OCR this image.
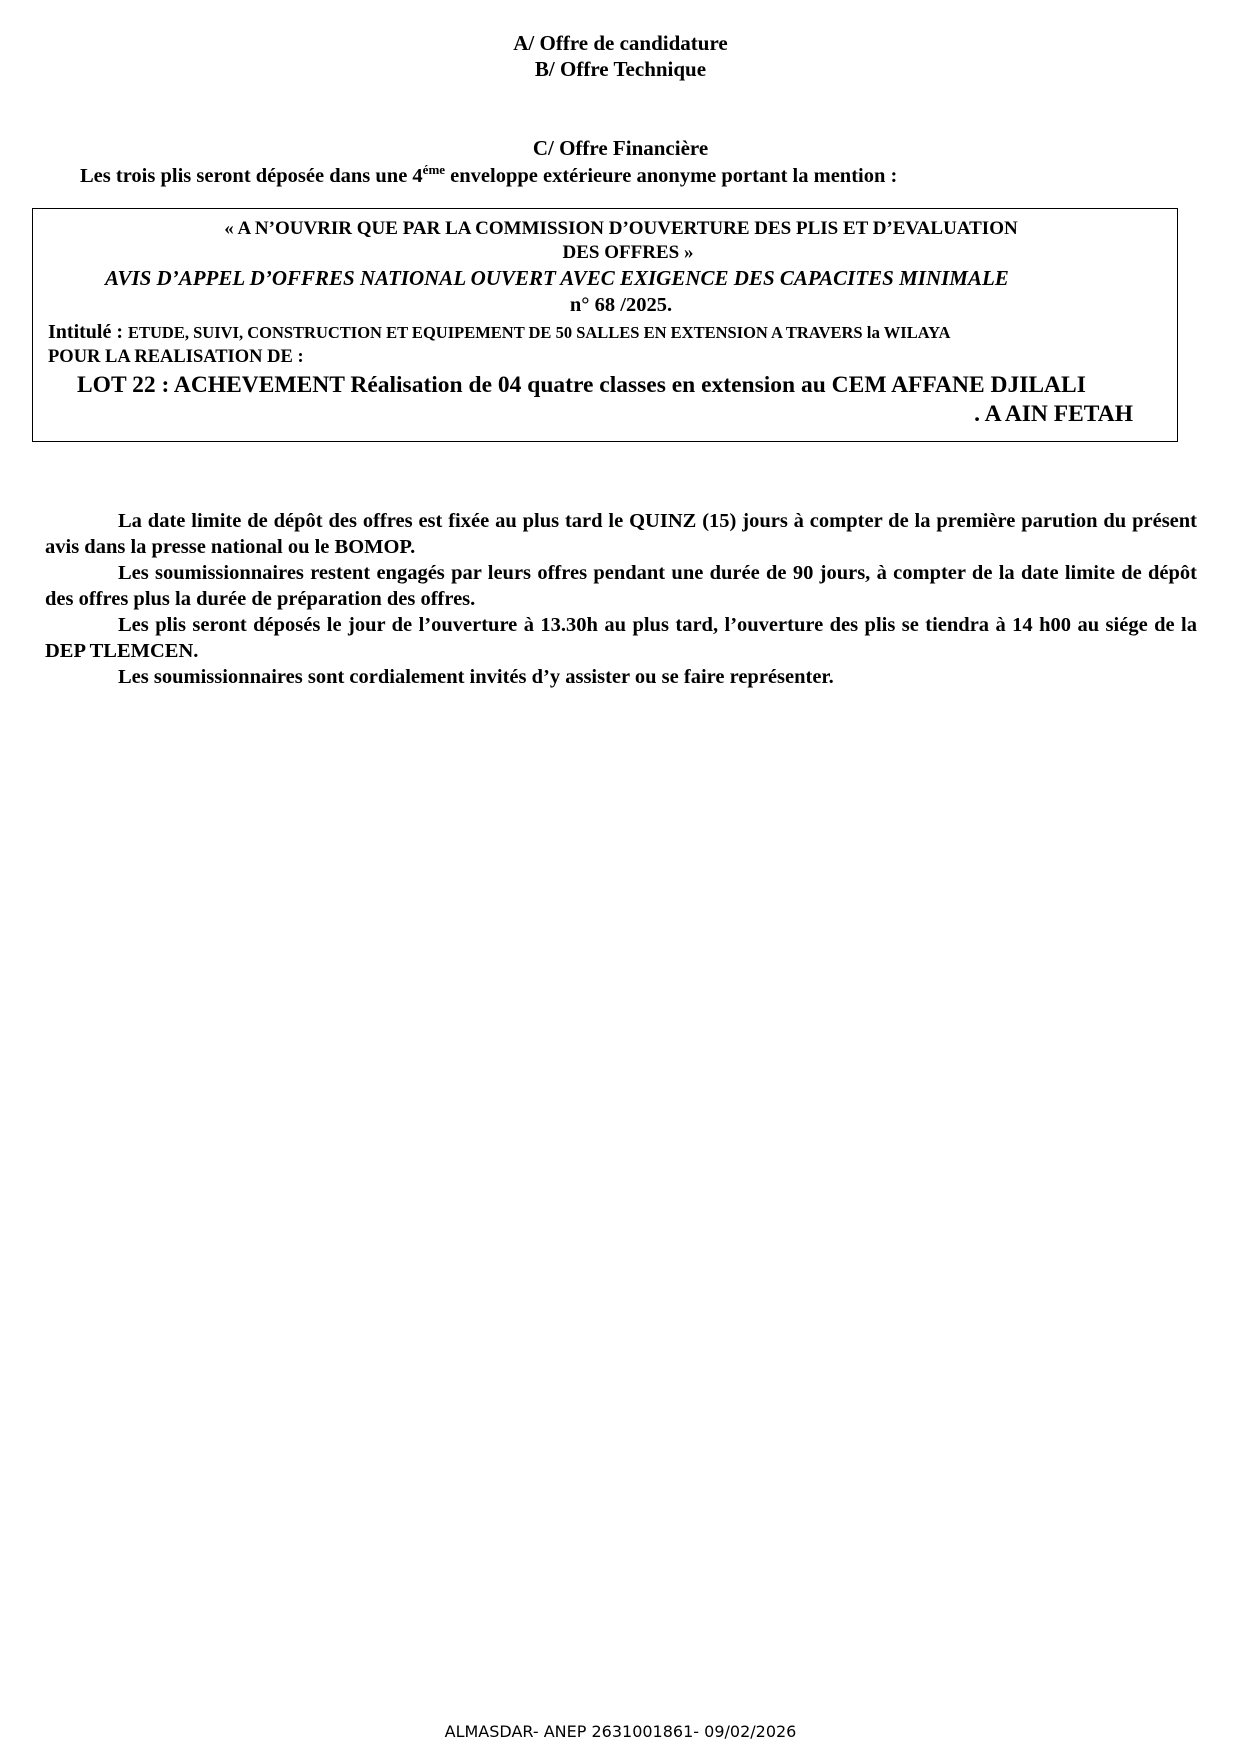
A/ Offre de candidature
B/ Offre Technique
C/ Offre Financière
Les trois plis seront déposée dans une $4^{éme}$ enveloppe extérieure anonyme portant la mention :
« A N’OUVRIR QUE PAR LA COMMISSION D’OUVERTURE DES PLIS ET D’EVALUATION
DES OFFRES »
AVIS D’APPEL D’OFFRES NATIONAL OUVERT AVEC EXIGENCE DES CAPACITES MINIMALE
n° 68 /2025.
Intitulé : ETUDE, SUIVI, CONSTRUCTION ET EQUIPEMENT DE 50 SALLES EN EXTENSION A TRAVERS la WILAYA
POUR LA REALISATION DE :
LOT 22 : ACHEVEMENT Réalisation de 04 quatre classes en extension au CEM AFFANE DJILALI
. A AIN FETAH
La date limite de dépôt des offres est fixée au plus tard le QUINZ (15) jours à compter de la première parution du présent avis dans la presse national ou le BOMOP.
Les soumissionnaires restent engagés par leurs offres pendant une durée de 90 jours, à compter de la date limite de dépôt des offres plus la durée de préparation des offres.
Les plis seront déposés le jour de l’ouverture à 13.30h au plus tard, l’ouverture des plis se tiendra à 14 h00 au siége de la DEP TLEMCEN.
Les soumissionnaires sont cordialement invités d’y assister ou se faire représenter.
ALMASDAR- ANEP 2631001861- 09/02/2026
